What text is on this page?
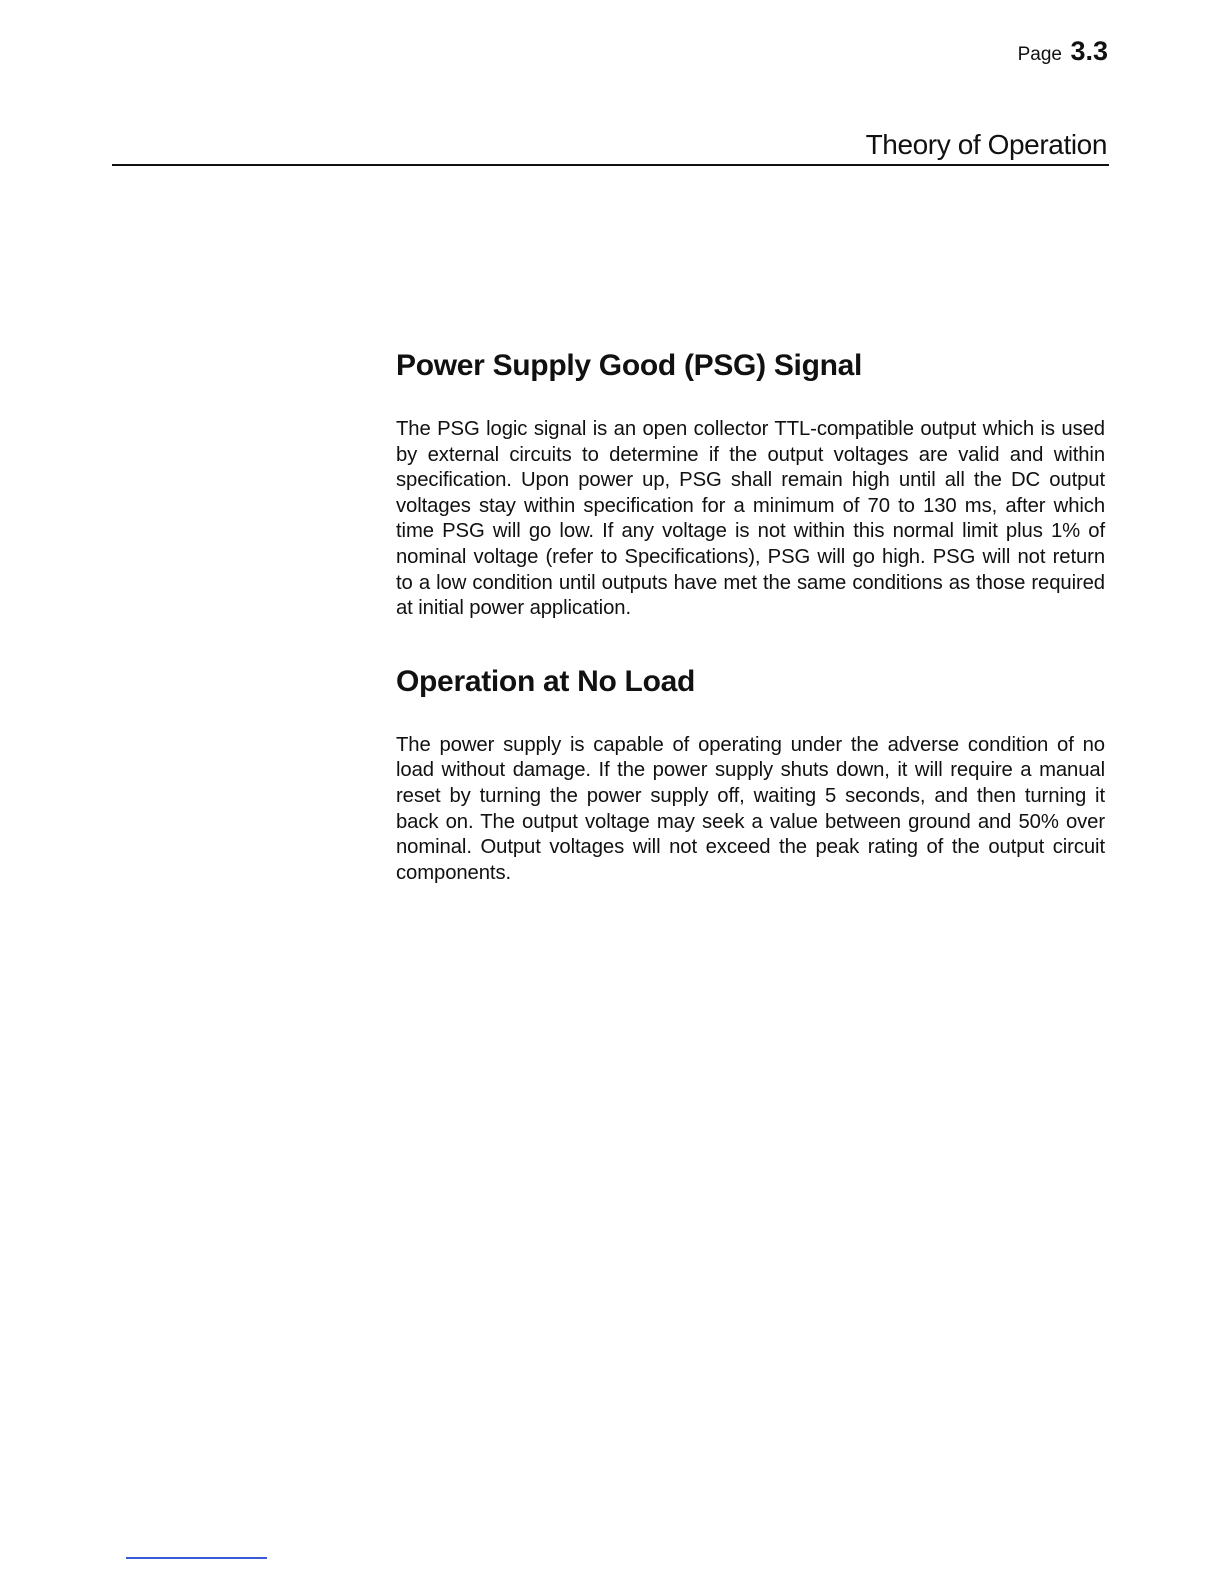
Page 3.3
Theory of Operation
Power Supply Good (PSG) Signal

The PSG logic signal is an open collector TTL-compatible output which is used by external circuits to determine if the output voltages are valid and within specification. Upon power up, PSG shall remain high until all the DC output voltages stay within specification for a minimum of 70 to 130 ms, after which time PSG will go low. If any voltage is not within this normal limit plus 1% of nominal voltage (refer to Specifications), PSG will go high. PSG will not return to a low condition until outputs have met the same conditions as those required at initial power application.

Operation at No Load

The power supply is capable of operating under the adverse condition of no load without damage. If the power supply shuts down, it will require a manual reset by turning the power supply off, waiting 5 seconds, and then turning it back on. The output voltage may seek a value between ground and 50% over nominal. Output voltages will not exceed the peak rating of the output circuit components.
